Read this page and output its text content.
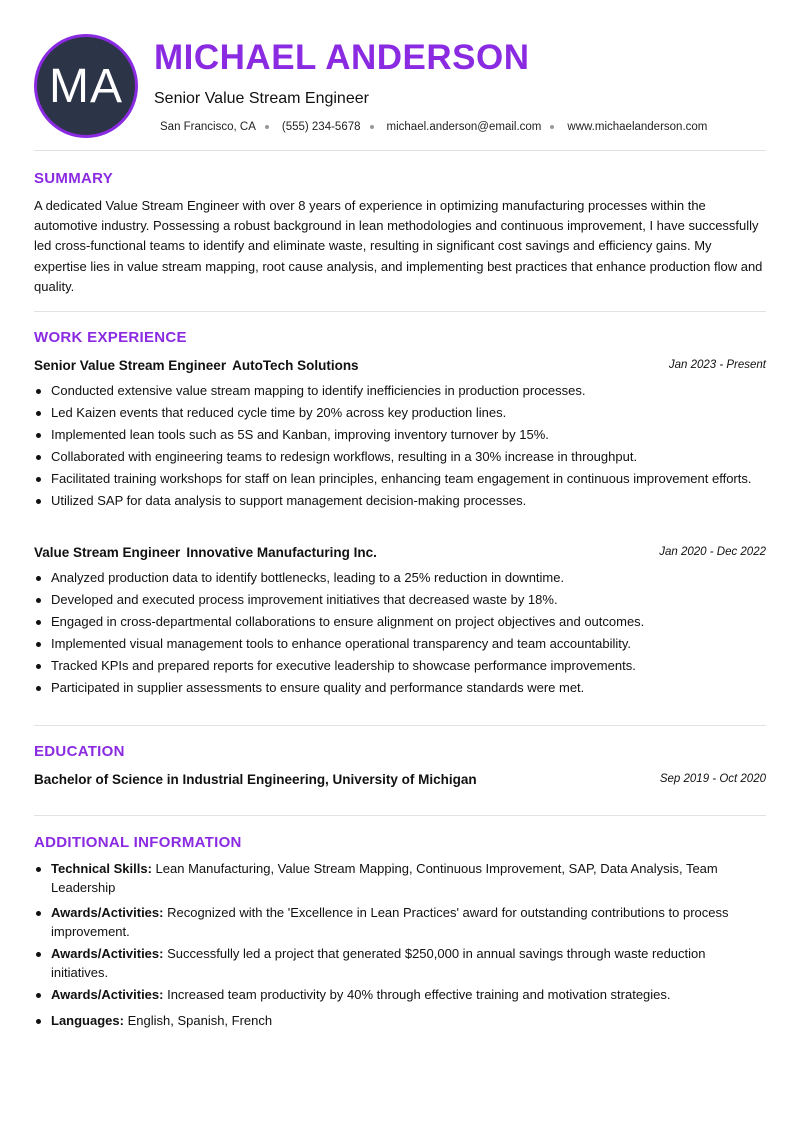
MA
MICHAEL ANDERSON
Senior Value Stream Engineer
San Francisco, CA (555) 234-5678 michael.anderson@email.com www.michaelanderson.com
SUMMARY
A dedicated Value Stream Engineer with over 8 years of experience in optimizing manufacturing processes within the automotive industry. Possessing a robust background in lean methodologies and continuous improvement, I have successfully led cross-functional teams to identify and eliminate waste, resulting in significant cost savings and efficiency gains. My expertise lies in value stream mapping, root cause analysis, and implementing best practices that enhance production flow and quality.
WORK EXPERIENCE
Senior Value Stream Engineer AutoTech Solutions	Jan 2023 - Present
Conducted extensive value stream mapping to identify inefficiencies in production processes.
Led Kaizen events that reduced cycle time by 20% across key production lines.
Implemented lean tools such as 5S and Kanban, improving inventory turnover by 15%.
Collaborated with engineering teams to redesign workflows, resulting in a 30% increase in throughput.
Facilitated training workshops for staff on lean principles, enhancing team engagement in continuous improvement efforts.
Utilized SAP for data analysis to support management decision-making processes.
Value Stream Engineer Innovative Manufacturing Inc.	Jan 2020 - Dec 2022
Analyzed production data to identify bottlenecks, leading to a 25% reduction in downtime.
Developed and executed process improvement initiatives that decreased waste by 18%.
Engaged in cross-departmental collaborations to ensure alignment on project objectives and outcomes.
Implemented visual management tools to enhance operational transparency and team accountability.
Tracked KPIs and prepared reports for executive leadership to showcase performance improvements.
Participated in supplier assessments to ensure quality and performance standards were met.
EDUCATION
Bachelor of Science in Industrial Engineering, University of Michigan	Sep 2019 - Oct 2020
ADDITIONAL INFORMATION
Technical Skills: Lean Manufacturing, Value Stream Mapping, Continuous Improvement, SAP, Data Analysis, Team Leadership
Awards/Activities: Recognized with the 'Excellence in Lean Practices' award for outstanding contributions to process improvement.
Awards/Activities: Successfully led a project that generated $250,000 in annual savings through waste reduction initiatives.
Awards/Activities: Increased team productivity by 40% through effective training and motivation strategies.
Languages: English, Spanish, French
